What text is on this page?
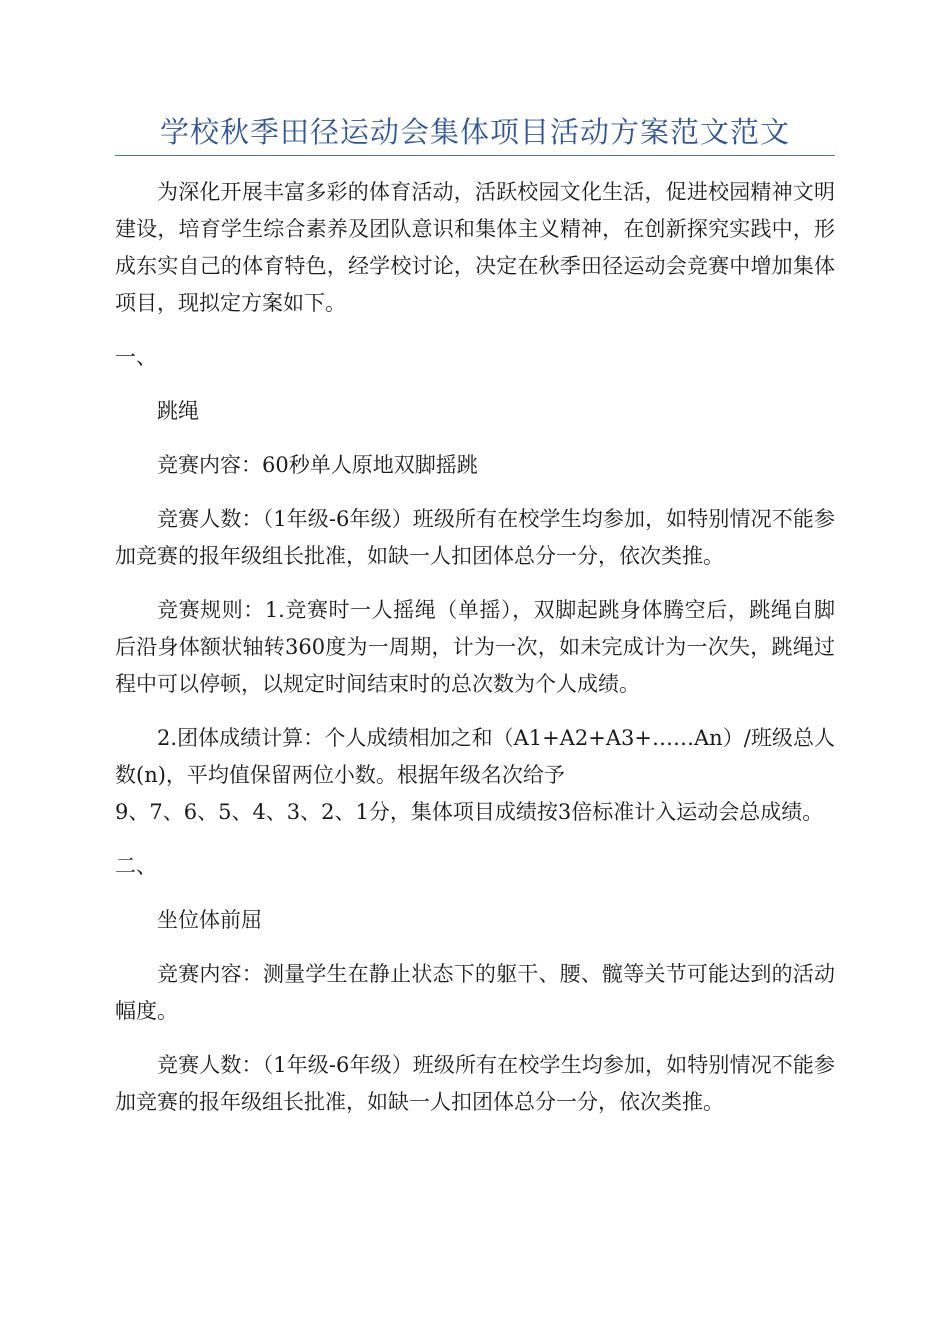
学校秋季田径运动会集体项目活动方案范文范文

为深化开展丰富多彩的体育活动，活跃校园文化生活，促进校园精神文明建设，培育学生综合素养及团队意识和集体主义精神，在创新探究实践中，形成东实自己的体育特色，经学校讨论，决定在秋季田径运动会竞赛中增加集体项目，现拟定方案如下。

一、

跳绳

竞赛内容：60秒单人原地双脚摇跳

竞赛人数：（1年级-6年级）班级所有在校学生均参加，如特别情况不能参加竞赛的报年级组长批准，如缺一人扣团体总分一分，依次类推。

竞赛规则：1.竞赛时一人摇绳（单摇），双脚起跳身体腾空后，跳绳自脚后沿身体额状轴转360度为一周期，计为一次，如未完成计为一次失，跳绳过程中可以停顿，以规定时间结束时的总次数为个人成绩。

2.团体成绩计算：个人成绩相加之和（A1+A2+A3+……An）/班级总人数(n)，平均值保留两位小数。根据年级名次给予
9、7、6、5、4、3、2、1分，集体项目成绩按3倍标准计入运动会总成绩。

二、

坐位体前屈

竞赛内容：测量学生在静止状态下的躯干、腰、髋等关节可能达到的活动幅度。

竞赛人数：（1年级-6年级）班级所有在校学生均参加，如特别情况不能参加竞赛的报年级组长批准，如缺一人扣团体总分一分，依次类推。
